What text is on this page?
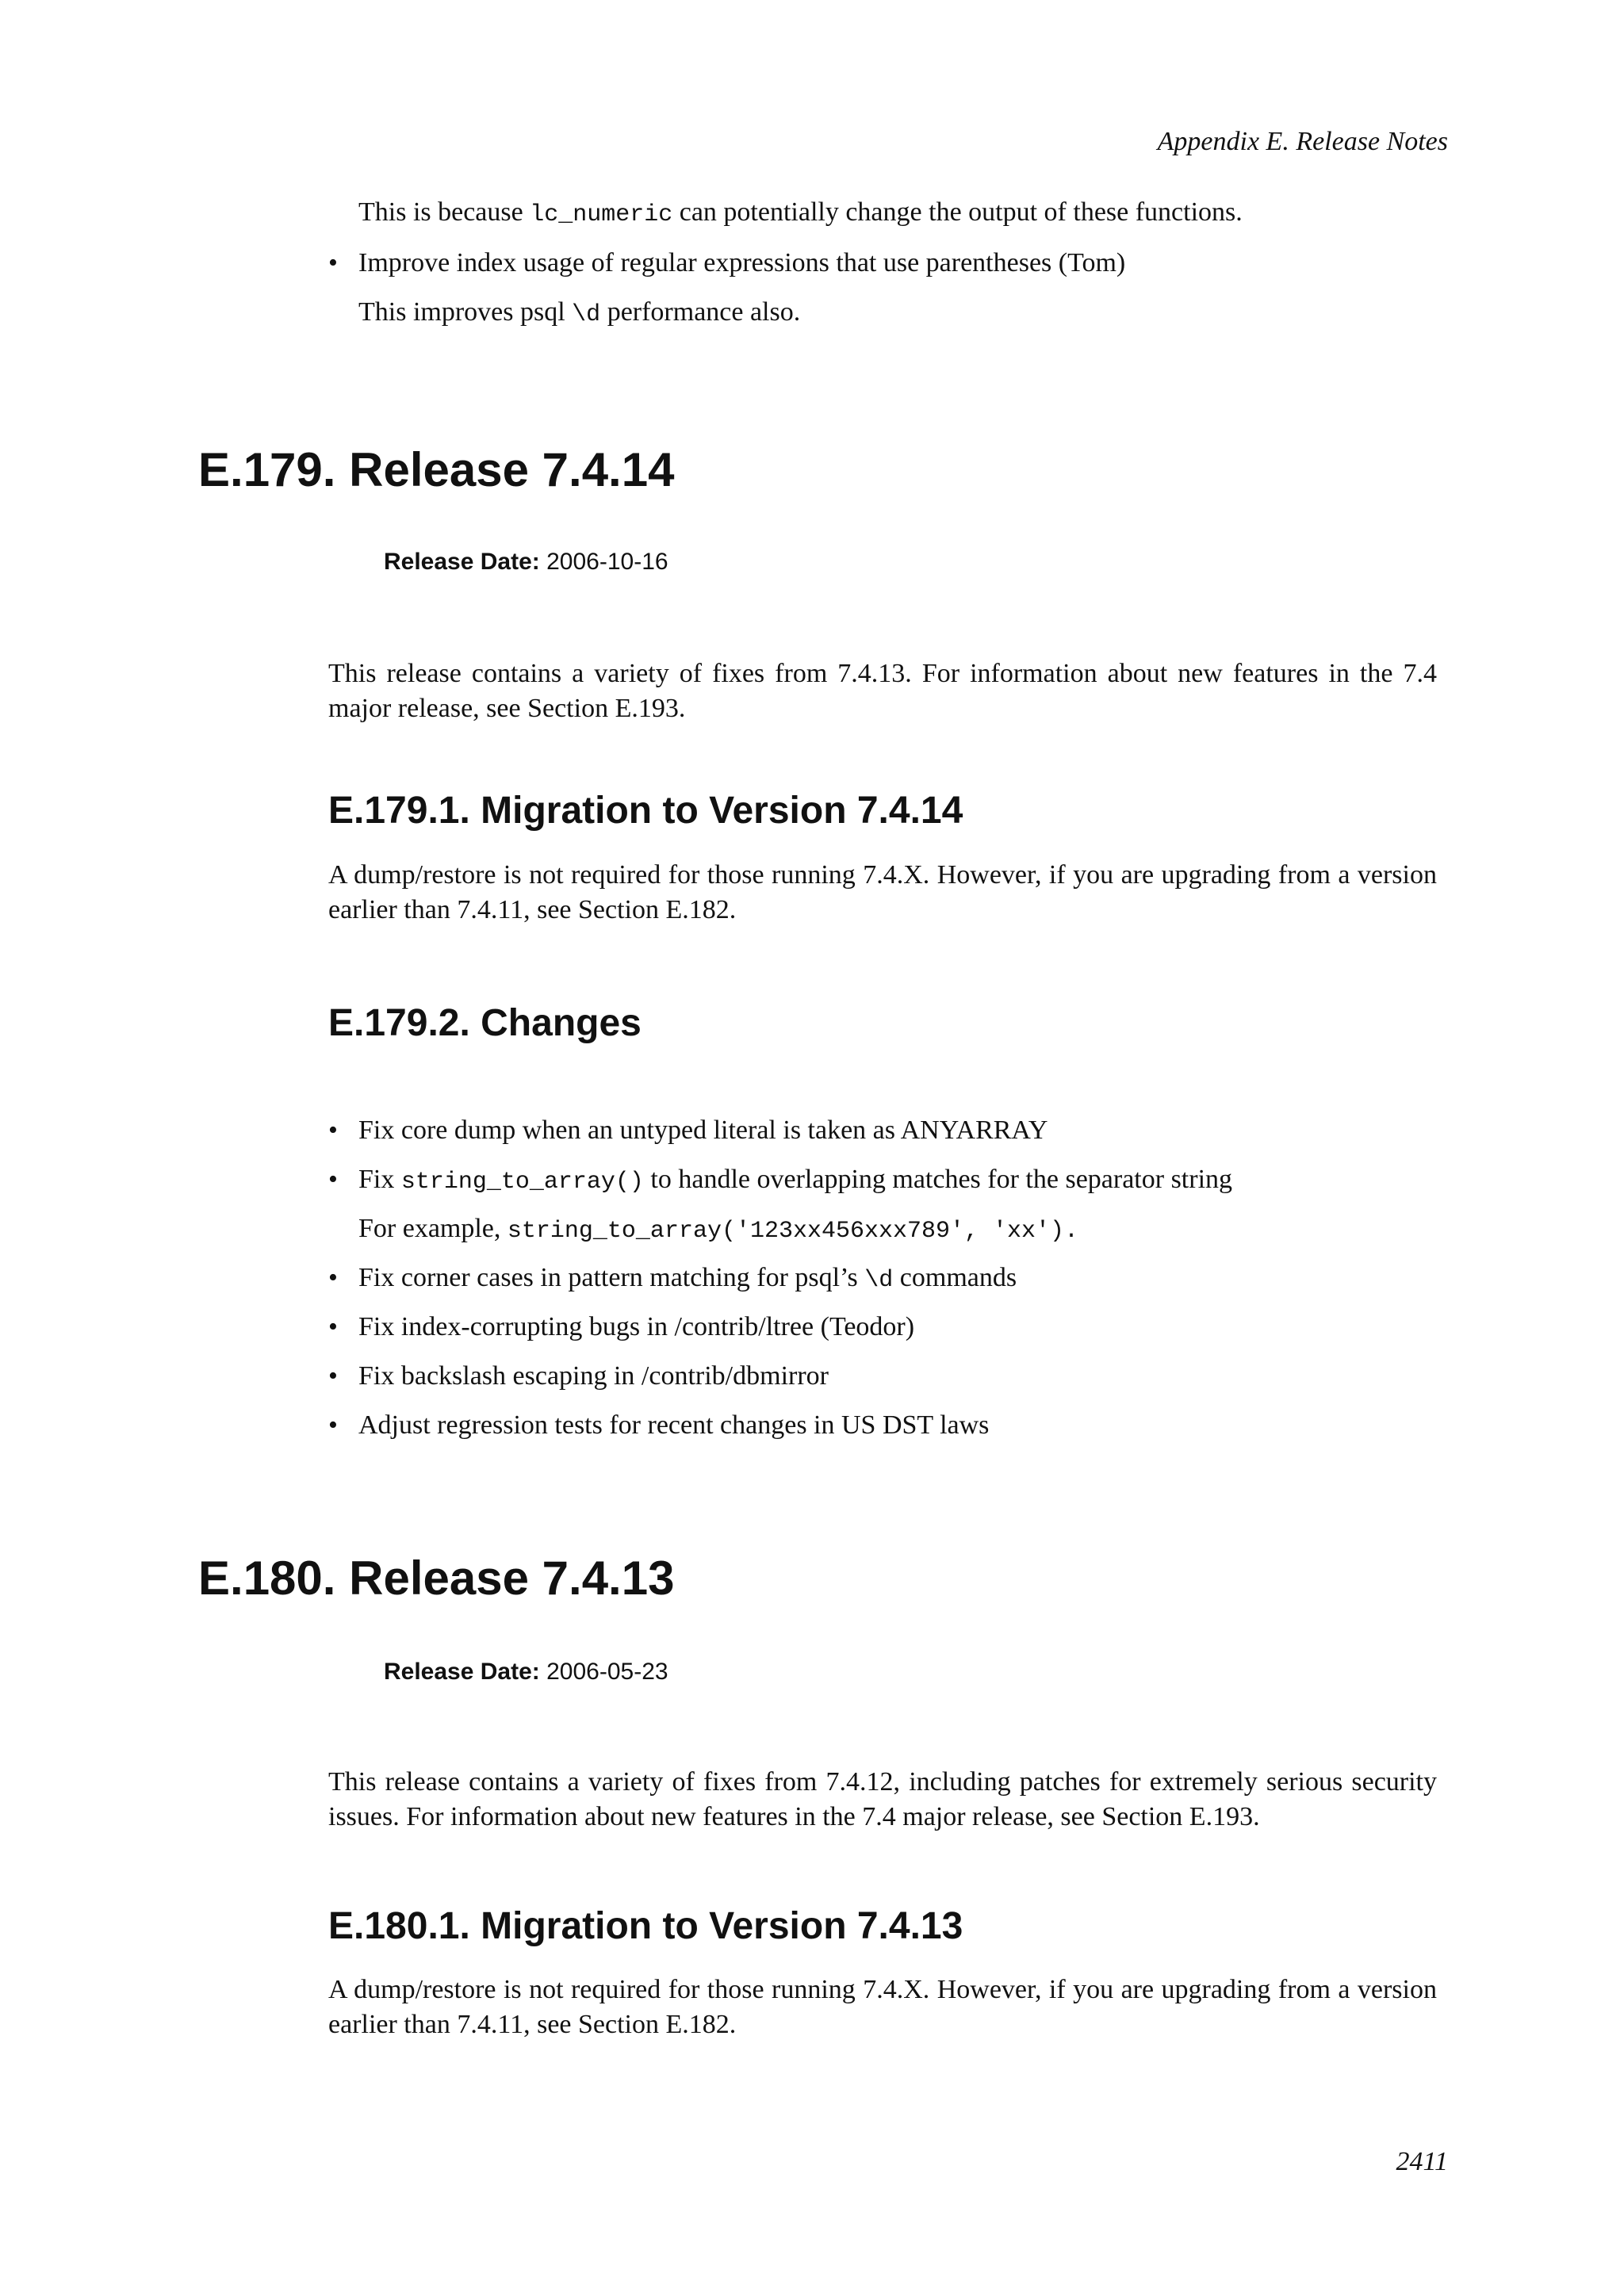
Appendix E. Release Notes
This is because lc_numeric can potentially change the output of these functions.
• Improve index usage of regular expressions that use parentheses (Tom)
This improves psql \d performance also.
E.179. Release 7.4.14
Release Date: 2006-10-16
This release contains a variety of fixes from 7.4.13. For information about new features in the 7.4 major release, see Section E.193.
E.179.1. Migration to Version 7.4.14
A dump/restore is not required for those running 7.4.X. However, if you are upgrading from a version earlier than 7.4.11, see Section E.182.
E.179.2. Changes
• Fix core dump when an untyped literal is taken as ANYARRAY
• Fix string_to_array() to handle overlapping matches for the separator string
For example, string_to_array('123xx456xxx789', 'xx').
• Fix corner cases in pattern matching for psql’s \d commands
• Fix index-corrupting bugs in /contrib/ltree (Teodor)
• Fix backslash escaping in /contrib/dbmirror
• Adjust regression tests for recent changes in US DST laws
E.180. Release 7.4.13
Release Date: 2006-05-23
This release contains a variety of fixes from 7.4.12, including patches for extremely serious security issues. For information about new features in the 7.4 major release, see Section E.193.
E.180.1. Migration to Version 7.4.13
A dump/restore is not required for those running 7.4.X. However, if you are upgrading from a version earlier than 7.4.11, see Section E.182.
2411
